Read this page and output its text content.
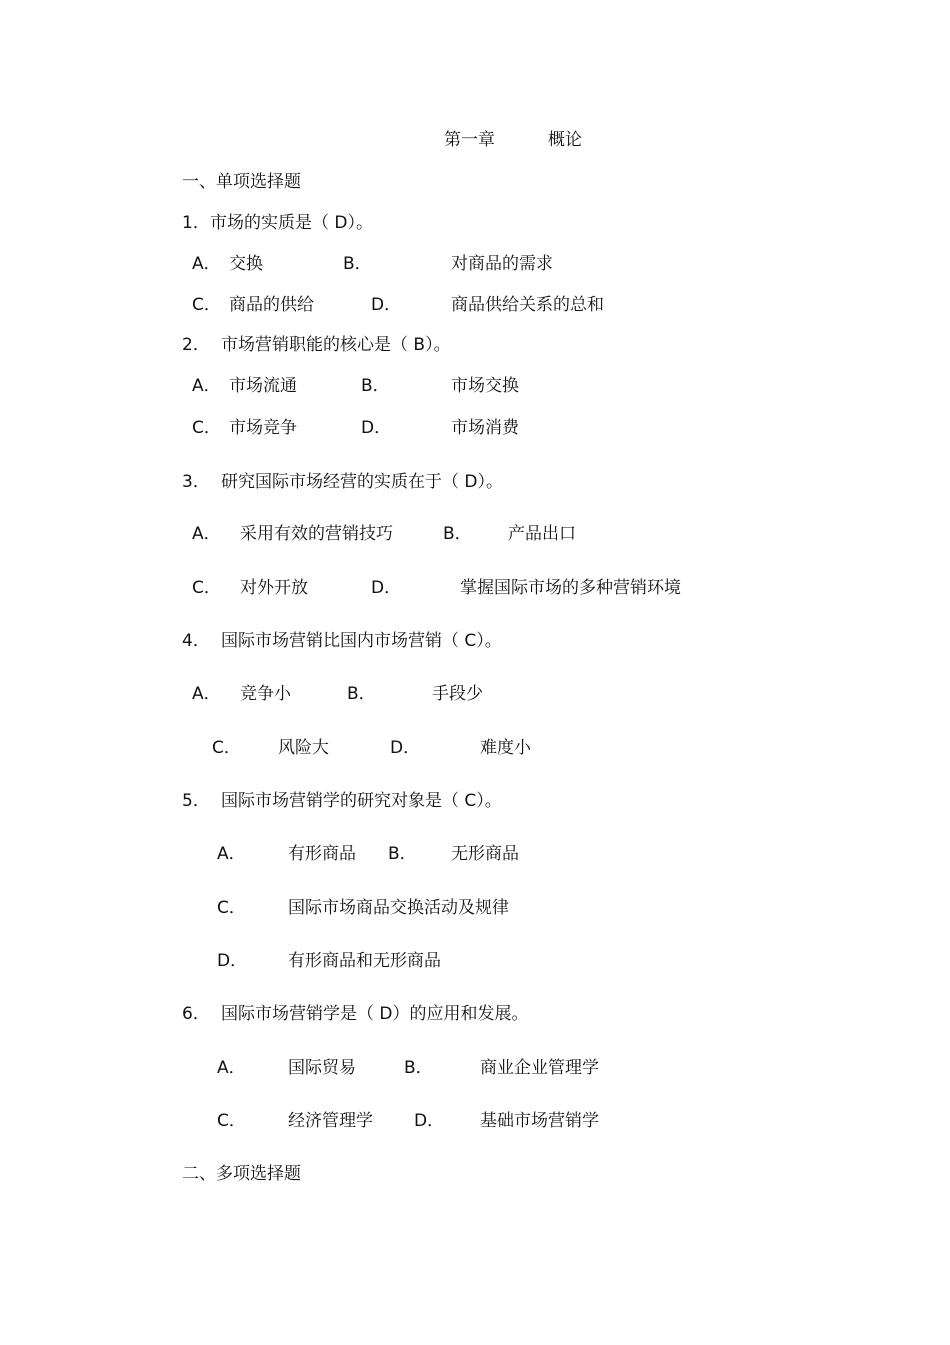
第一章	概论
一、单项选择题
1． 市场的实质是（ D）。
A． 交换	B．	对商品的需求
C． 商品的供给	D．	商品供给关系的总和
2． 市场营销职能的核心是（ B）。
A． 市场流通	B．	市场交换
C． 市场竞争	D．	市场消费
3． 研究国际市场经营的实质在于（ D）。
A． 采用有效的营销技巧	B． 产品出口
C． 对外开放	D．	掌握国际市场的多种营销环境
4． 国际市场营销比国内市场营销（ C）。
A． 竞争小	B．	手段少
C． 风险大	D．	难度小
5． 国际市场营销学的研究对象是（ C）。
A． 有形商品 B． 无形商品
C． 国际市场商品交换活动及规律
D． 有形商品和无形商品
6． 国际市场营销学是（ D）的应用和发展。
A． 国际贸易	B．	商业企业管理学
C． 经济管理学 D． 基础市场营销学
二、多项选择题
